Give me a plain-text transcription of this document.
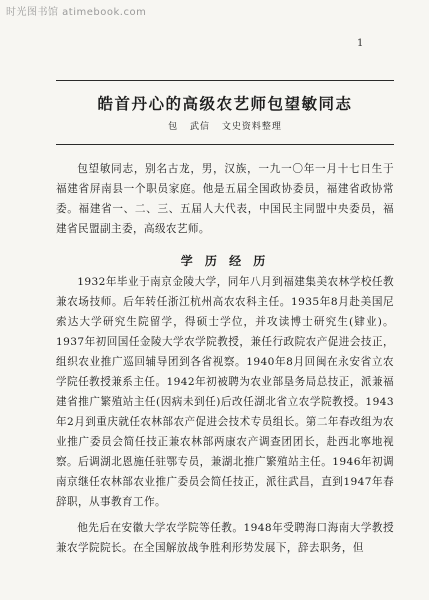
时光图书馆 atimebook.com
1
皓首丹心的高级农艺师包望敏同志
包 武信 文史资料整理

包望敏同志，别名古龙，男，汉族，一九一〇年一月十七日生于福建省屏南县一个职员家庭。他是五届全国政协委员，福建省政协常委。福建省一、二、三、五届人大代表，中国民主同盟中央委员，福建省民盟副主委，高级农艺师。

学 历 经 历

1932年毕业于南京金陵大学，同年八月到福建集美农林学校任教兼农场技师。后年转任浙江杭州高农农科主任。1935年8月赴美国尼索达大学研究生院留学，得硕士学位，并攻读博士研究生(肄业)。1937年初回国任金陵大学农学院教授，兼任行政院农产促进会技正，组织农业推广巡回辅导团到各省视察。1940年8月回闽在永安省立农学院任教授兼系主任。1942年初被聘为农业部垦务局总技正，派兼福建省推广繁殖站主任(因病未到任)后改任湖北省立农学院教授。1943年2月到重庆就任农林部农产促进会技术专员组长。第二年春改组为农业推广委员会简任技正兼农林部两康农产调查团团长，赴西北寧地视察。后调湖北恩施任驻鄂专员，兼湖北推广繁殖站主任。1946年初调南京继任农林部农业推广委员会简任技正，派往武昌，直到1947年春辞职，从事教育工作。

他先后在安徽大学农学院等任教。1948年受聘海口海南大学教授兼农学院院长。在全国解放战争胜利形势发展下，辞去职务，但
